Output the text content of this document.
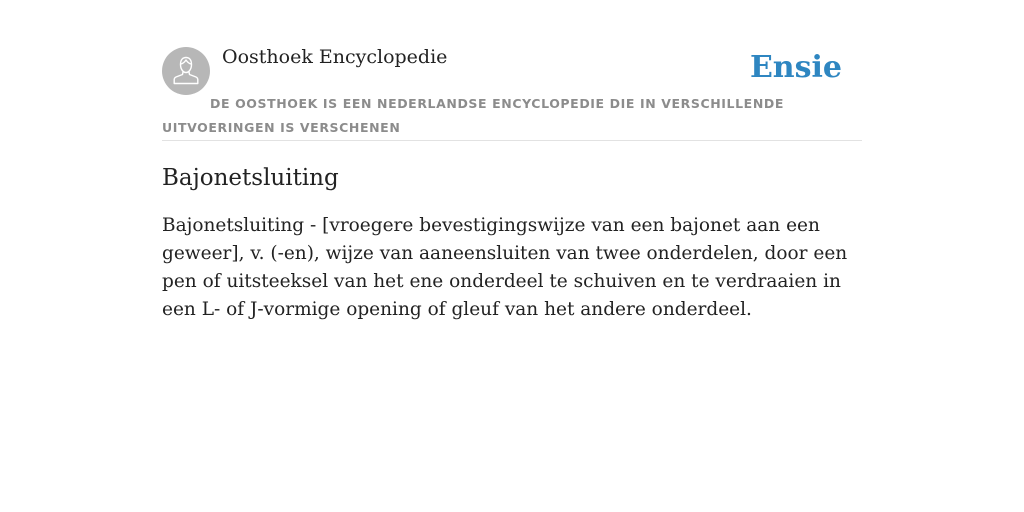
Oosthoek Encyclopedie	Ensie
DE OOSTHOEK IS EEN NEDERLANDSE ENCYCLOPEDIE DIE IN VERSCHILLENDE UITVOERINGEN IS VERSCHENEN
Bajonetsluiting

Bajonetsluiting - [vroegere bevestigingswijze van een bajonet aan een geweer], v. (-en), wijze van aaneensluiten van twee onderdelen, door een pen of uitsteeksel van het ene onderdeel te schuiven en te verdraaien in een L- of J-vormige opening of gleuf van het andere onderdeel.
